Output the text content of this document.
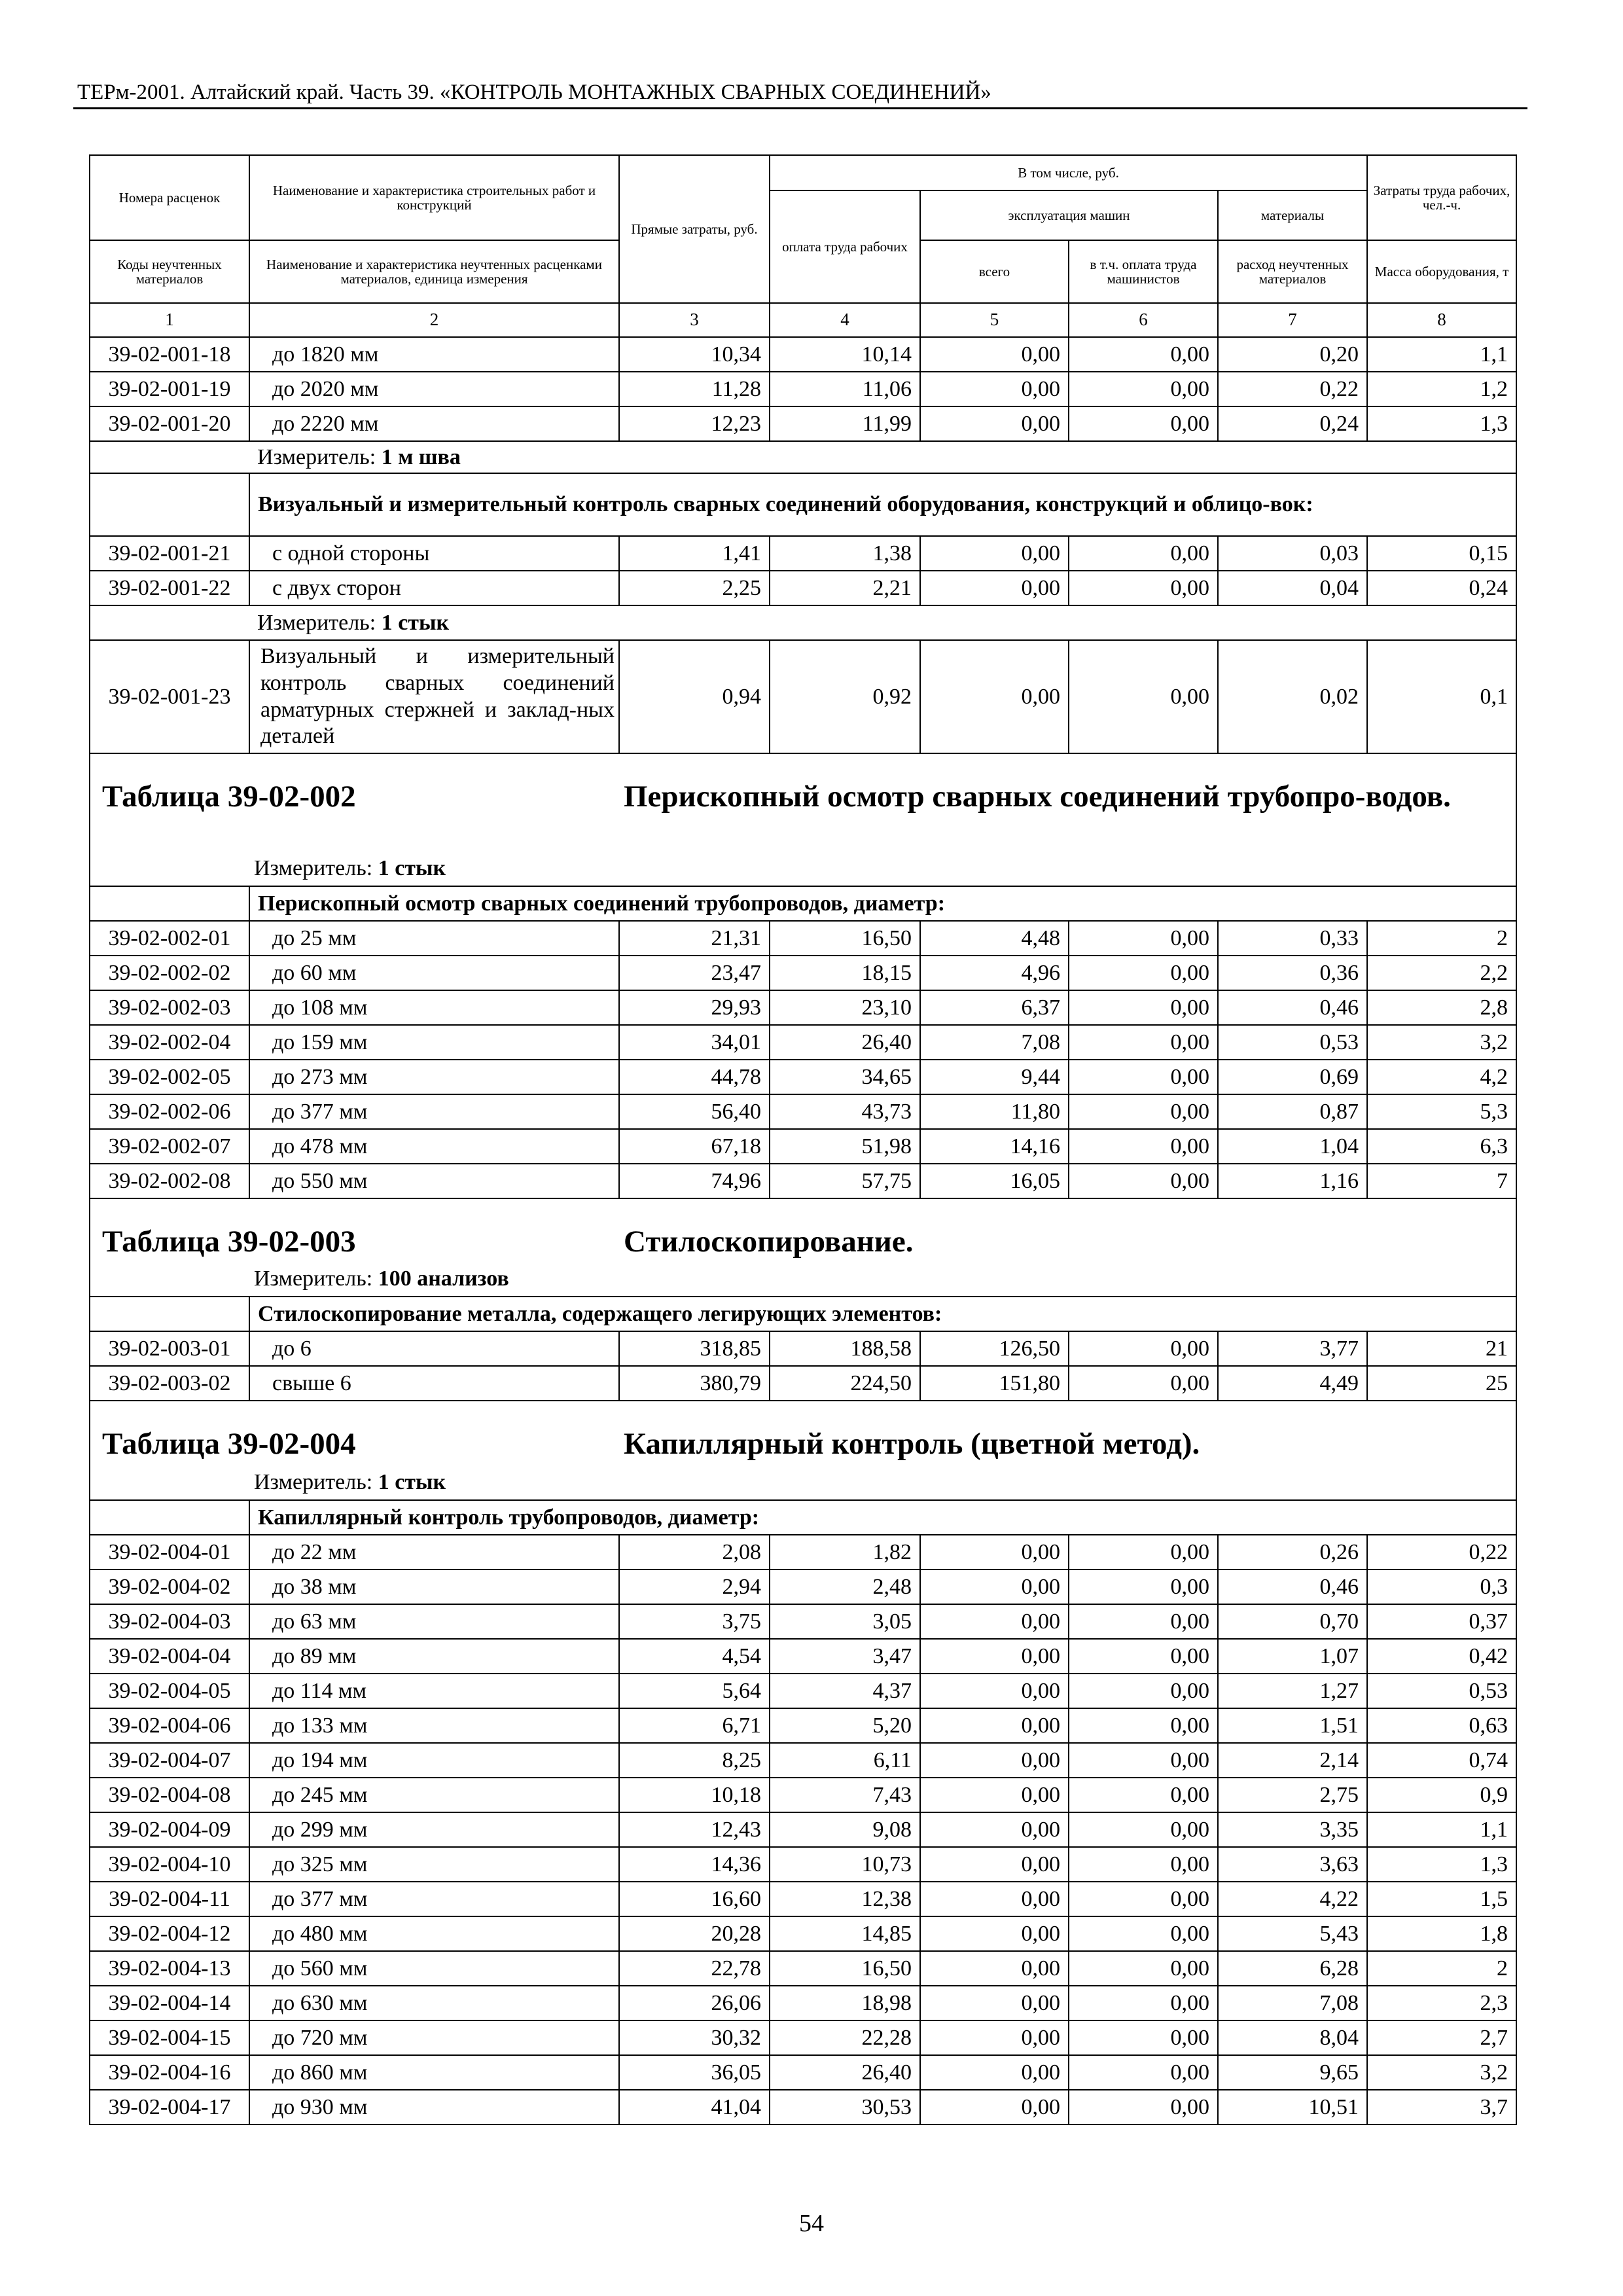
ТЕРм-2001. Алтайский край. Часть 39. «КОНТРОЛЬ МОНТАЖНЫХ СВАРНЫХ СОЕДИНЕНИЙ»
Номера расценок	Наименование и характеристика строительных работ и конструкций	Прямые затраты, руб.	В том числе, руб.				Затраты труда рабочих, чел.-ч.
			оплата труда рабочих	эксплуатация машин		материалы	
Коды неучтенных материалов	Наименование и характеристика неучтенных расценками материалов, единица измерения			всего	в т.ч. оплата труда машинистов	расход неучтенных материалов	Масса оборудования, т
1	2	3	4	5	6	7	8
39-02-001-18	до 1820 мм	10,34	10,14	0,00	0,00	0,20	1,1
39-02-001-19	до 2020 мм	11,28	11,06	0,00	0,00	0,22	1,2
39-02-001-20	до 2220 мм	12,23	11,99	0,00	0,00	0,24	1,3
	Измеритель: 1 м шва						
	Визуальный и измерительный контроль сварных соединений оборудования, конструкций и облицо-вок:						
39-02-001-21	с одной стороны	1,41	1,38	0,00	0,00	0,03	0,15
39-02-001-22	с двух сторон	2,25	2,21	0,00	0,00	0,04	0,24
	Измеритель: 1 стык						
39-02-001-23	Визуальный и измерительный контроль сварных соединений арматурных стержней и заклад-ных деталей	0,94	0,92	0,00	0,00	0,02	0,1

Таблица 39-02-002 Перископный осмотр сварных соединений трубопро-водов.
Измеритель: 1 стык							

	Перископный осмотр сварных соединений трубопроводов, диаметр:						
39-02-002-01	до 25 мм	21,31	16,50	4,48	0,00	0,33	2
39-02-002-02	до 60 мм	23,47	18,15	4,96	0,00	0,36	2,2
39-02-002-03	до 108 мм	29,93	23,10	6,37	0,00	0,46	2,8
39-02-002-04	до 159 мм	34,01	26,40	7,08	0,00	0,53	3,2
39-02-002-05	до 273 мм	44,78	34,65	9,44	0,00	0,69	4,2
39-02-002-06	до 377 мм	56,40	43,73	11,80	0,00	0,87	5,3
39-02-002-07	до 478 мм	67,18	51,98	14,16	0,00	1,04	6,3
39-02-002-08	до 550 мм	74,96	57,75	16,05	0,00	1,16	7

Таблица 39-02-003 Стилоскопирование.
Измеритель: 100 анализов							

	Стилоскопирование металла, содержащего легирующих элементов:						
39-02-003-01	до 6	318,85	188,58	126,50	0,00	3,77	21
39-02-003-02	свыше 6	380,79	224,50	151,80	0,00	4,49	25

Таблица 39-02-004 Капиллярный контроль (цветной метод).
Измеритель: 1 стык							

	Капиллярный контроль трубопроводов, диаметр:						
39-02-004-01	до 22 мм	2,08	1,82	0,00	0,00	0,26	0,22
39-02-004-02	до 38 мм	2,94	2,48	0,00	0,00	0,46	0,3
39-02-004-03	до 63 мм	3,75	3,05	0,00	0,00	0,70	0,37
39-02-004-04	до 89 мм	4,54	3,47	0,00	0,00	1,07	0,42
39-02-004-05	до 114 мм	5,64	4,37	0,00	0,00	1,27	0,53
39-02-004-06	до 133 мм	6,71	5,20	0,00	0,00	1,51	0,63
39-02-004-07	до 194 мм	8,25	6,11	0,00	0,00	2,14	0,74
39-02-004-08	до 245 мм	10,18	7,43	0,00	0,00	2,75	0,9
39-02-004-09	до 299 мм	12,43	9,08	0,00	0,00	3,35	1,1
39-02-004-10	до 325 мм	14,36	10,73	0,00	0,00	3,63	1,3
39-02-004-11	до 377 мм	16,60	12,38	0,00	0,00	4,22	1,5
39-02-004-12	до 480 мм	20,28	14,85	0,00	0,00	5,43	1,8
39-02-004-13	до 560 мм	22,78	16,50	0,00	0,00	6,28	2
39-02-004-14	до 630 мм	26,06	18,98	0,00	0,00	7,08	2,3
39-02-004-15	до 720 мм	30,32	22,28	0,00	0,00	8,04	2,7
39-02-004-16	до 860 мм	36,05	26,40	0,00	0,00	9,65	3,2
39-02-004-17	до 930 мм	41,04	30,53	0,00	0,00	10,51	3,7
54
